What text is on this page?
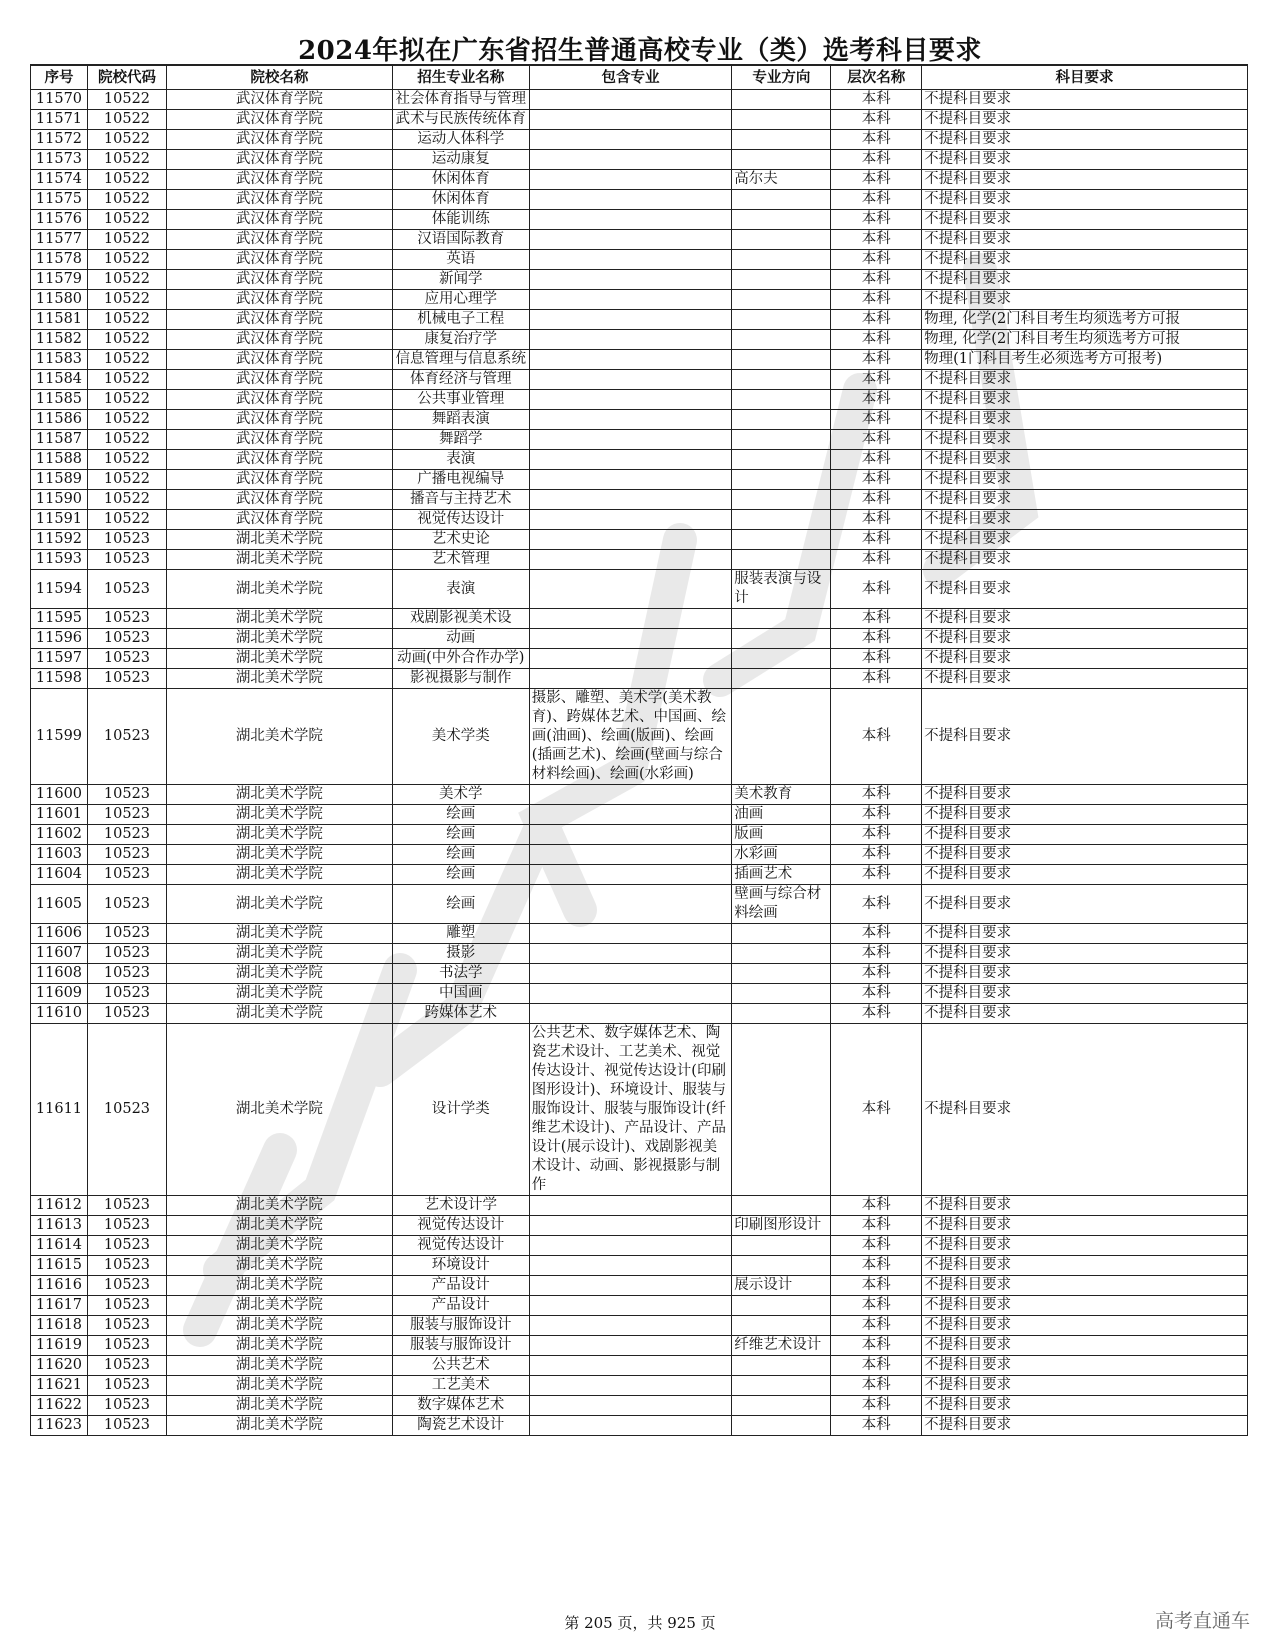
2024年拟在广东省招生普通高校专业（类）选考科目要求
序号	院校代码	院校名称	招生专业名称	包含专业	专业方向	层次名称	科目要求
11570	10522	武汉体育学院	社会体育指导与管理			本科	不提科目要求
11571	10522	武汉体育学院	武术与民族传统体育			本科	不提科目要求
11572	10522	武汉体育学院	运动人体科学			本科	不提科目要求
11573	10522	武汉体育学院	运动康复			本科	不提科目要求
11574	10522	武汉体育学院	休闲体育		高尔夫	本科	不提科目要求
11575	10522	武汉体育学院	休闲体育			本科	不提科目要求
11576	10522	武汉体育学院	体能训练			本科	不提科目要求
11577	10522	武汉体育学院	汉语国际教育			本科	不提科目要求
11578	10522	武汉体育学院	英语			本科	不提科目要求
11579	10522	武汉体育学院	新闻学			本科	不提科目要求
11580	10522	武汉体育学院	应用心理学			本科	不提科目要求
11581	10522	武汉体育学院	机械电子工程			本科	物理, 化学(2门科目考生均须选考方可报
11582	10522	武汉体育学院	康复治疗学			本科	物理, 化学(2门科目考生均须选考方可报
11583	10522	武汉体育学院	信息管理与信息系统			本科	物理(1门科目考生必须选考方可报考)
11584	10522	武汉体育学院	体育经济与管理			本科	不提科目要求
11585	10522	武汉体育学院	公共事业管理			本科	不提科目要求
11586	10522	武汉体育学院	舞蹈表演			本科	不提科目要求
11587	10522	武汉体育学院	舞蹈学			本科	不提科目要求
11588	10522	武汉体育学院	表演			本科	不提科目要求
11589	10522	武汉体育学院	广播电视编导			本科	不提科目要求
11590	10522	武汉体育学院	播音与主持艺术			本科	不提科目要求
11591	10522	武汉体育学院	视觉传达设计			本科	不提科目要求
11592	10523	湖北美术学院	艺术史论			本科	不提科目要求
11593	10523	湖北美术学院	艺术管理			本科	不提科目要求
11594	10523	湖北美术学院	表演		服装表演与设计	本科	不提科目要求
11595	10523	湖北美术学院	戏剧影视美术设			本科	不提科目要求
11596	10523	湖北美术学院	动画			本科	不提科目要求
11597	10523	湖北美术学院	动画(中外合作办学)			本科	不提科目要求
11598	10523	湖北美术学院	影视摄影与制作			本科	不提科目要求
11599	10523	湖北美术学院	美术学类	摄影、雕塑、美术学(美术教育)、跨媒体艺术、中国画、绘画(油画)、绘画(版画)、绘画(插画艺术)、绘画(壁画与综合材料绘画)、绘画(水彩画)		本科	不提科目要求
11600	10523	湖北美术学院	美术学		美术教育	本科	不提科目要求
11601	10523	湖北美术学院	绘画		油画	本科	不提科目要求
11602	10523	湖北美术学院	绘画		版画	本科	不提科目要求
11603	10523	湖北美术学院	绘画		水彩画	本科	不提科目要求
11604	10523	湖北美术学院	绘画		插画艺术	本科	不提科目要求
11605	10523	湖北美术学院	绘画		壁画与综合材料绘画	本科	不提科目要求
11606	10523	湖北美术学院	雕塑			本科	不提科目要求
11607	10523	湖北美术学院	摄影			本科	不提科目要求
11608	10523	湖北美术学院	书法学			本科	不提科目要求
11609	10523	湖北美术学院	中国画			本科	不提科目要求
11610	10523	湖北美术学院	跨媒体艺术			本科	不提科目要求
11611	10523	湖北美术学院	设计学类	公共艺术、数字媒体艺术、陶瓷艺术设计、工艺美术、视觉传达设计、视觉传达设计(印刷图形设计)、环境设计、服装与服饰设计、服装与服饰设计(纤维艺术设计)、产品设计、产品设计(展示设计)、戏剧影视美术设计、动画、影视摄影与制作		本科	不提科目要求
11612	10523	湖北美术学院	艺术设计学			本科	不提科目要求
11613	10523	湖北美术学院	视觉传达设计		印刷图形设计	本科	不提科目要求
11614	10523	湖北美术学院	视觉传达设计			本科	不提科目要求
11615	10523	湖北美术学院	环境设计			本科	不提科目要求
11616	10523	湖北美术学院	产品设计		展示设计	本科	不提科目要求
11617	10523	湖北美术学院	产品设计			本科	不提科目要求
11618	10523	湖北美术学院	服装与服饰设计			本科	不提科目要求
11619	10523	湖北美术学院	服装与服饰设计		纤维艺术设计	本科	不提科目要求
11620	10523	湖北美术学院	公共艺术			本科	不提科目要求
11621	10523	湖北美术学院	工艺美术			本科	不提科目要求
11622	10523	湖北美术学院	数字媒体艺术			本科	不提科目要求
11623	10523	湖北美术学院	陶瓷艺术设计			本科	不提科目要求
第 205 页，共 925 页	高考直通车
